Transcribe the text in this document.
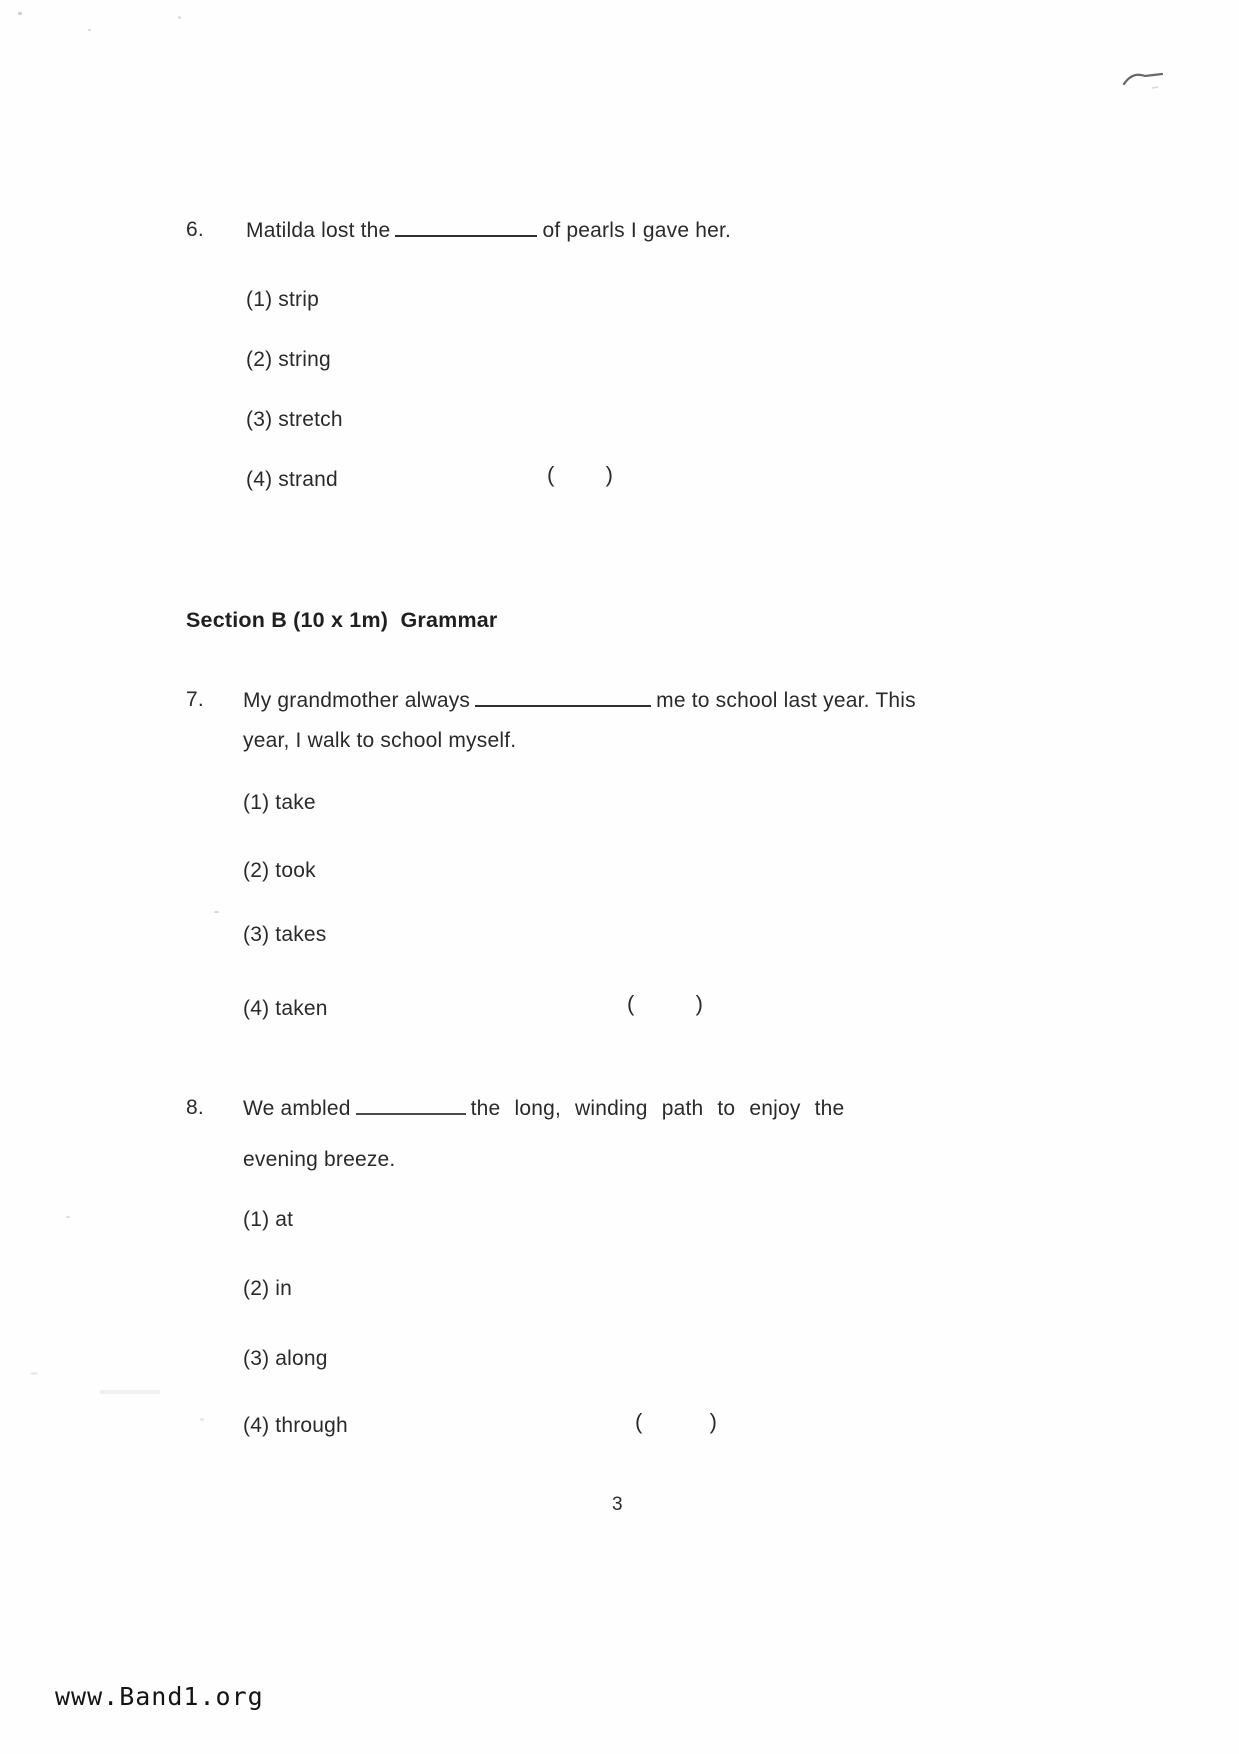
6. Matilda lost the	of pearls I gave her.
(1) strip
(2) string
(3) stretch
(4) strand	( )
Section B (10 x 1m)  Grammar
7. My grandmother always	me to school last year. This
year, I walk to school myself.
(1) take
(2) took
(3) takes
(4) taken	(	)
8. We ambled	the long, winding path to enjoy the
evening breeze.
(1) at
(2) in
(3) along
(4) through	(	)
3
www.Band1.org
